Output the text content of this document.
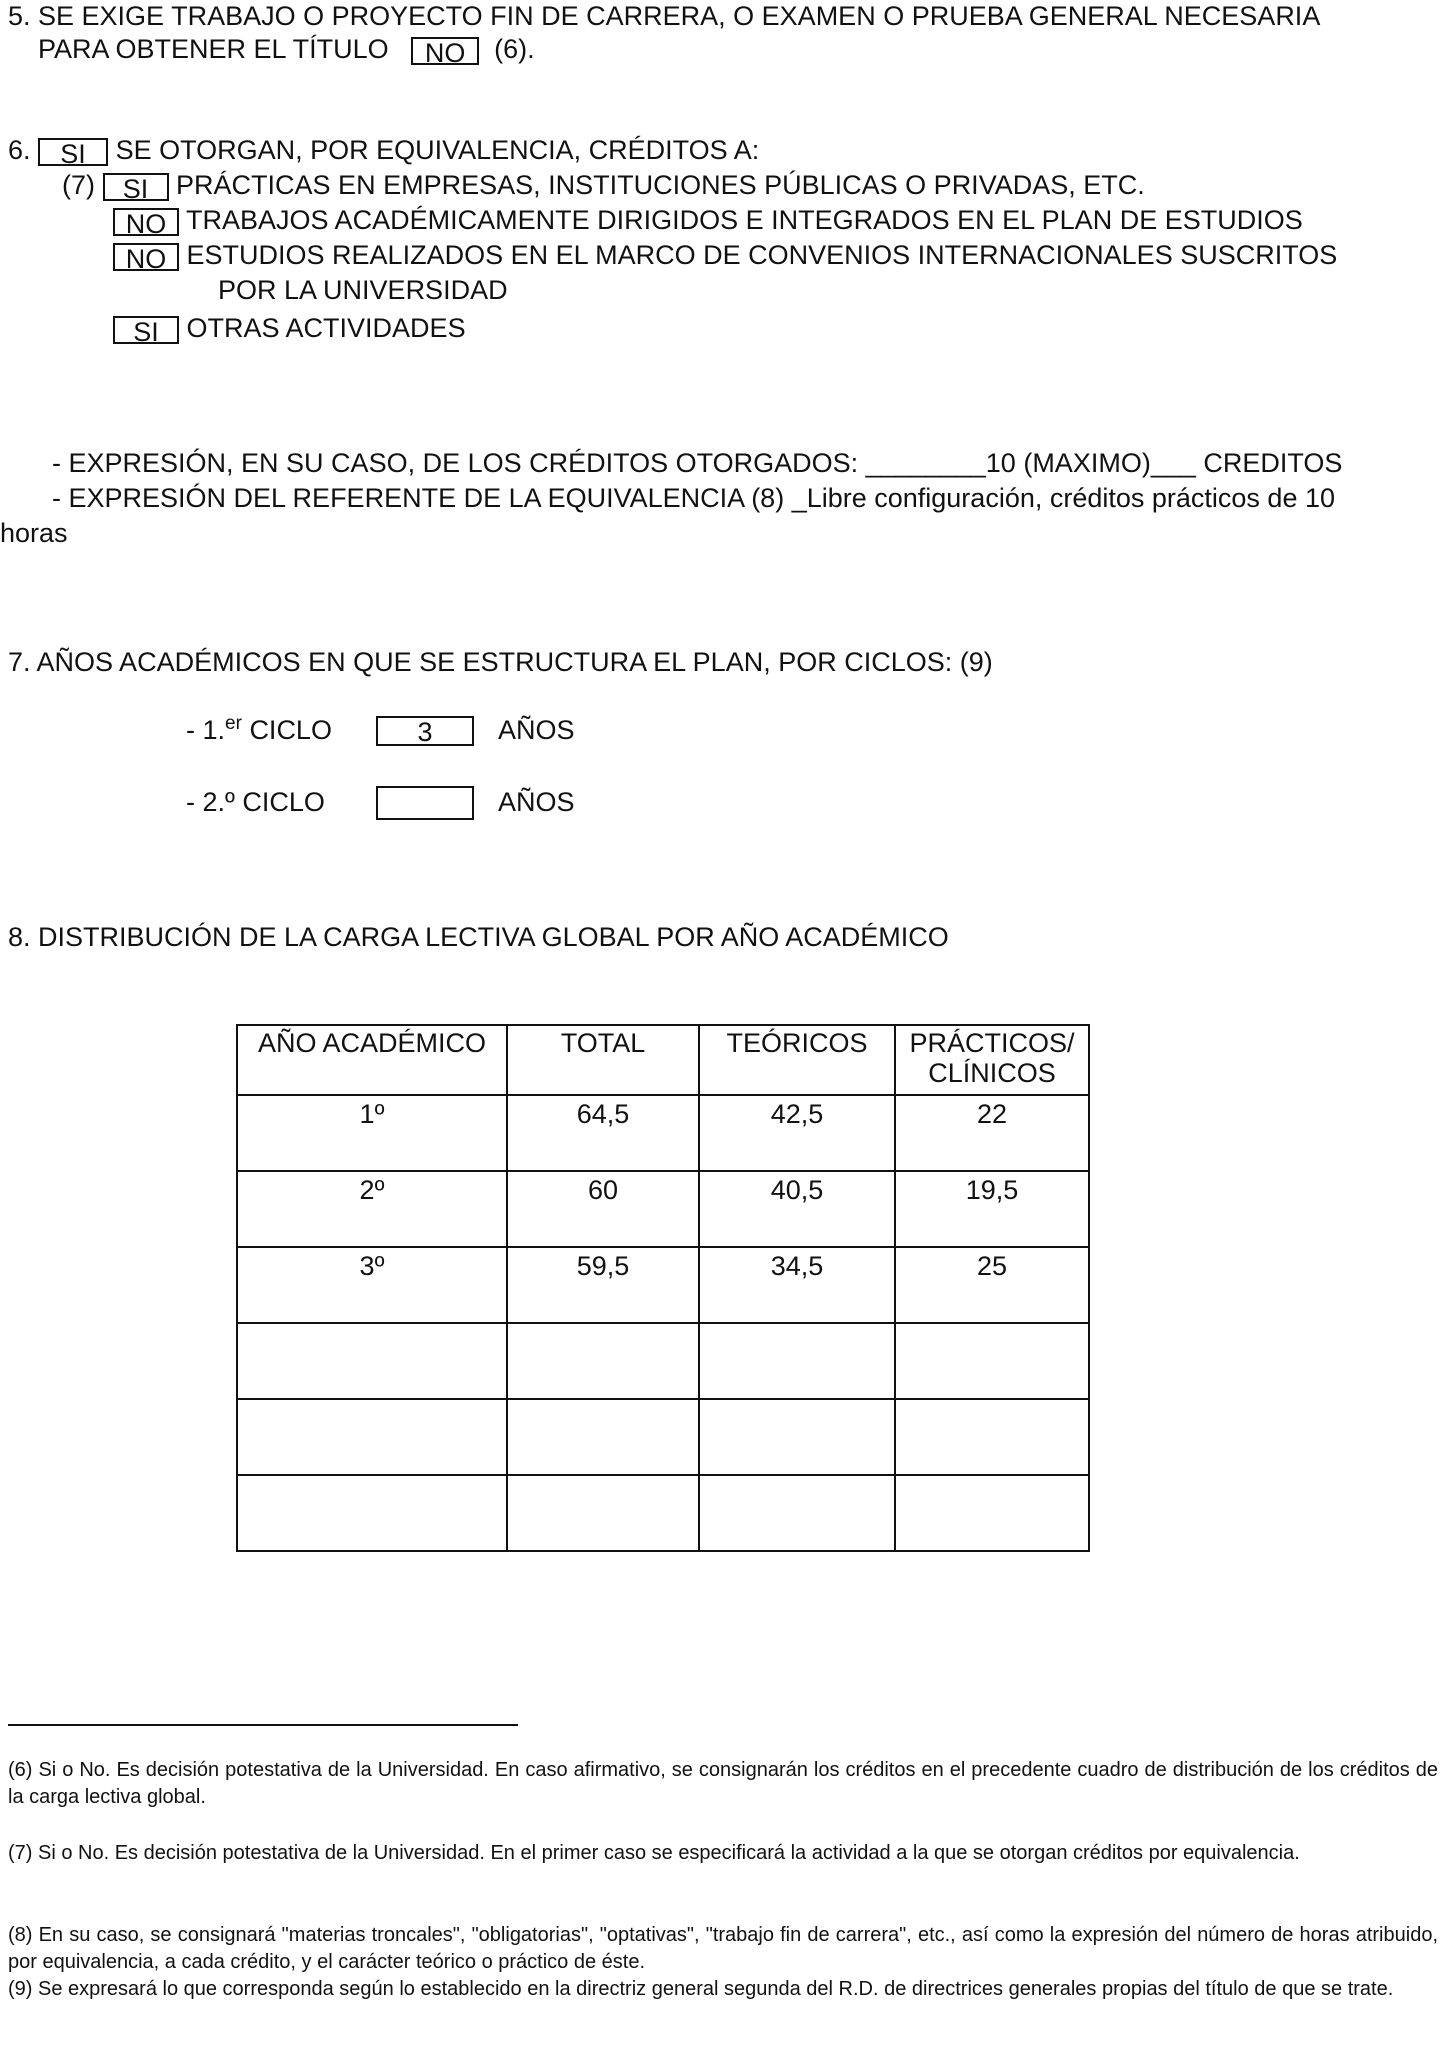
5. SE EXIGE TRABAJO O PROYECTO FIN DE CARRERA, O EXAMEN O PRUEBA GENERAL NECESARIA
PARA OBTENER EL TÍTULO NO (6).
6. SI SE OTORGAN, POR EQUIVALENCIA, CRÉDITOS A:
(7) SI PRÁCTICAS EN EMPRESAS, INSTITUCIONES PÚBLICAS O PRIVADAS, ETC.
NO TRABAJOS ACADÉMICAMENTE DIRIGIDOS E INTEGRADOS EN EL PLAN DE ESTUDIOS
NO ESTUDIOS REALIZADOS EN EL MARCO DE CONVENIOS INTERNACIONALES SUSCRITOS
POR LA UNIVERSIDAD
SI OTRAS ACTIVIDADES
- EXPRESIÓN, EN SU CASO, DE LOS CRÉDITOS OTORGADOS: ________10 (MAXIMO)___ CREDITOS
- EXPRESIÓN DEL REFERENTE DE LA EQUIVALENCIA (8) _Libre configuración, créditos prácticos de 10
horas
7. AÑOS ACADÉMICOS EN QUE SE ESTRUCTURA EL PLAN, POR CICLOS: (9)
- 1.$^{er}$ CICLO	3	AÑOS
- 2.º CICLO	AÑOS
8. DISTRIBUCIÓN DE LA CARGA LECTIVA GLOBAL POR AÑO ACADÉMICO
AÑO ACADÉMICO	TOTAL	TEÓRICOS	PRÁCTICOS/ CLÍNICOS
1º	64,5	42,5	22
2º	60	40,5	19,5
3º	59,5	34,5	25

(6) Si o No. Es decisión potestativa de la Universidad. En caso afirmativo, se consignarán los créditos en el precedente cuadro de distribución de los créditos de la carga lectiva global.
(7) Si o No. Es decisión potestativa de la Universidad. En el primer caso se especificará la actividad a la que se otorgan créditos por equivalencia.
(8) En su caso, se consignará "materias troncales", "obligatorias", "optativas", "trabajo fin de carrera", etc., así como la expresión del número de horas atribuido, por equivalencia, a cada crédito, y el carácter teórico o práctico de éste.
(9) Se expresará lo que corresponda según lo establecido en la directriz general segunda del R.D. de directrices generales propias del título de que se trate.
